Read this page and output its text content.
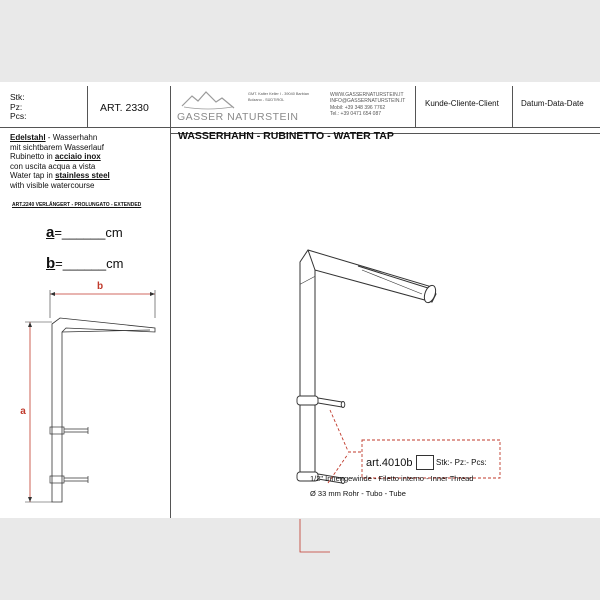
Stk:
Pz:
Pcs:
ART. 2330
GASSER NATURSTEIN
GMT. Kalter Keller I - 39040 Barbian
Bolzano - SÜDTIROL
WWW.GASSERNATURSTEIN.IT
INFO@GASSERNATURSTEIN.IT
Mobil: +39 348 396 7762
Tel.: +39 0471 654 087
Kunde-Cliente-Client	Datum-Data-Date
WASSERHAHN - RUBINETTO - WATER TAP
Edelstahl - Wasserhahn
mit sichtbarem Wasserlauf
Rubinetto in acciaio inox
con uscita acqua a vista
Water tap in stainless steel
with visible watercourse
ART.2240 VERLÄNGERT - PROLUNGATO - EXTENDED
a=______cm
b=______cm
b
a
art.4010b	Stk:- Pz:- Pcs:
1/2" Innengewinde - Filetto interno - Inner Thread
Ø 33 mm Rohr - Tubo - Tube
